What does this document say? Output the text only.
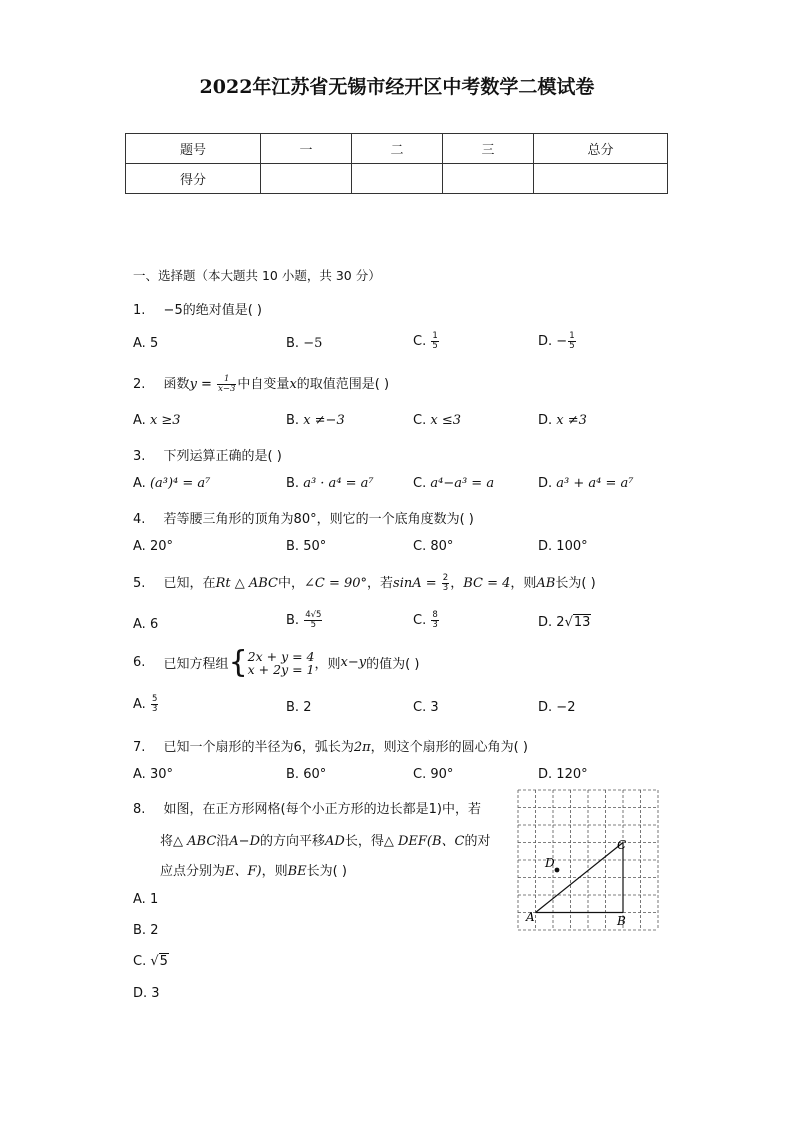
2022年江苏省无锡市经开区中考数学二模试卷
题号	一	二	三	总分
得分				
一、选择题（本大题共 10 小题，共 30 分）
1. −5的绝对值是( )
A. 5	B. −5	C. $\frac{1}{5}$	D. − $\frac{1}{5}$
2. 函数$y = \frac{1}{x-3}$ 中自变量x的取值范围是( )
A. x ≥3	B. x ≠−3	C. x ≤3	D. x ≠3
3. 下列运算正确的是( )
A. (a³)⁴ = a⁷	B. a³ · a⁴ = a⁷	C. a⁴−a³ = a	D. a³ + a⁴ = a⁷
4. 若等腰三角形的顶角为80°，则它的一个底角度数为( )
A. 20°	B. 50°	C. 80°	D. 100°
5. 已知，在Rt △ ABC中，∠C = 90°，若$\sin A = \frac{2}{3}$ ，BC = 4，则AB长为( )
A. 6	B. $\frac{4√5}{5}$	C. $\frac{8}{3}$	D. 2√13
6. 已知方程组{ 2x + y = 4
x + 2y = 1 ，则x−y的值为( )
A. $\frac{5}{3}$	B. 2	C. 3	D. −2
7. 已知一个扇形的半径为6，弧长为2π，则这个扇形的圆心角为( )
A. 30°	B. 60°	C. 90°	D. 120°
8. 如图，在正方形网格(每个小正方形的边长都是1)中，若
将△ ABC沿A−D的方向平移AD长，得△ DEF(B、C的对
应点分别为E、F)，则BE长为( )
A. 1
B. 2
C. √5
D. 3
A	B
C
D
